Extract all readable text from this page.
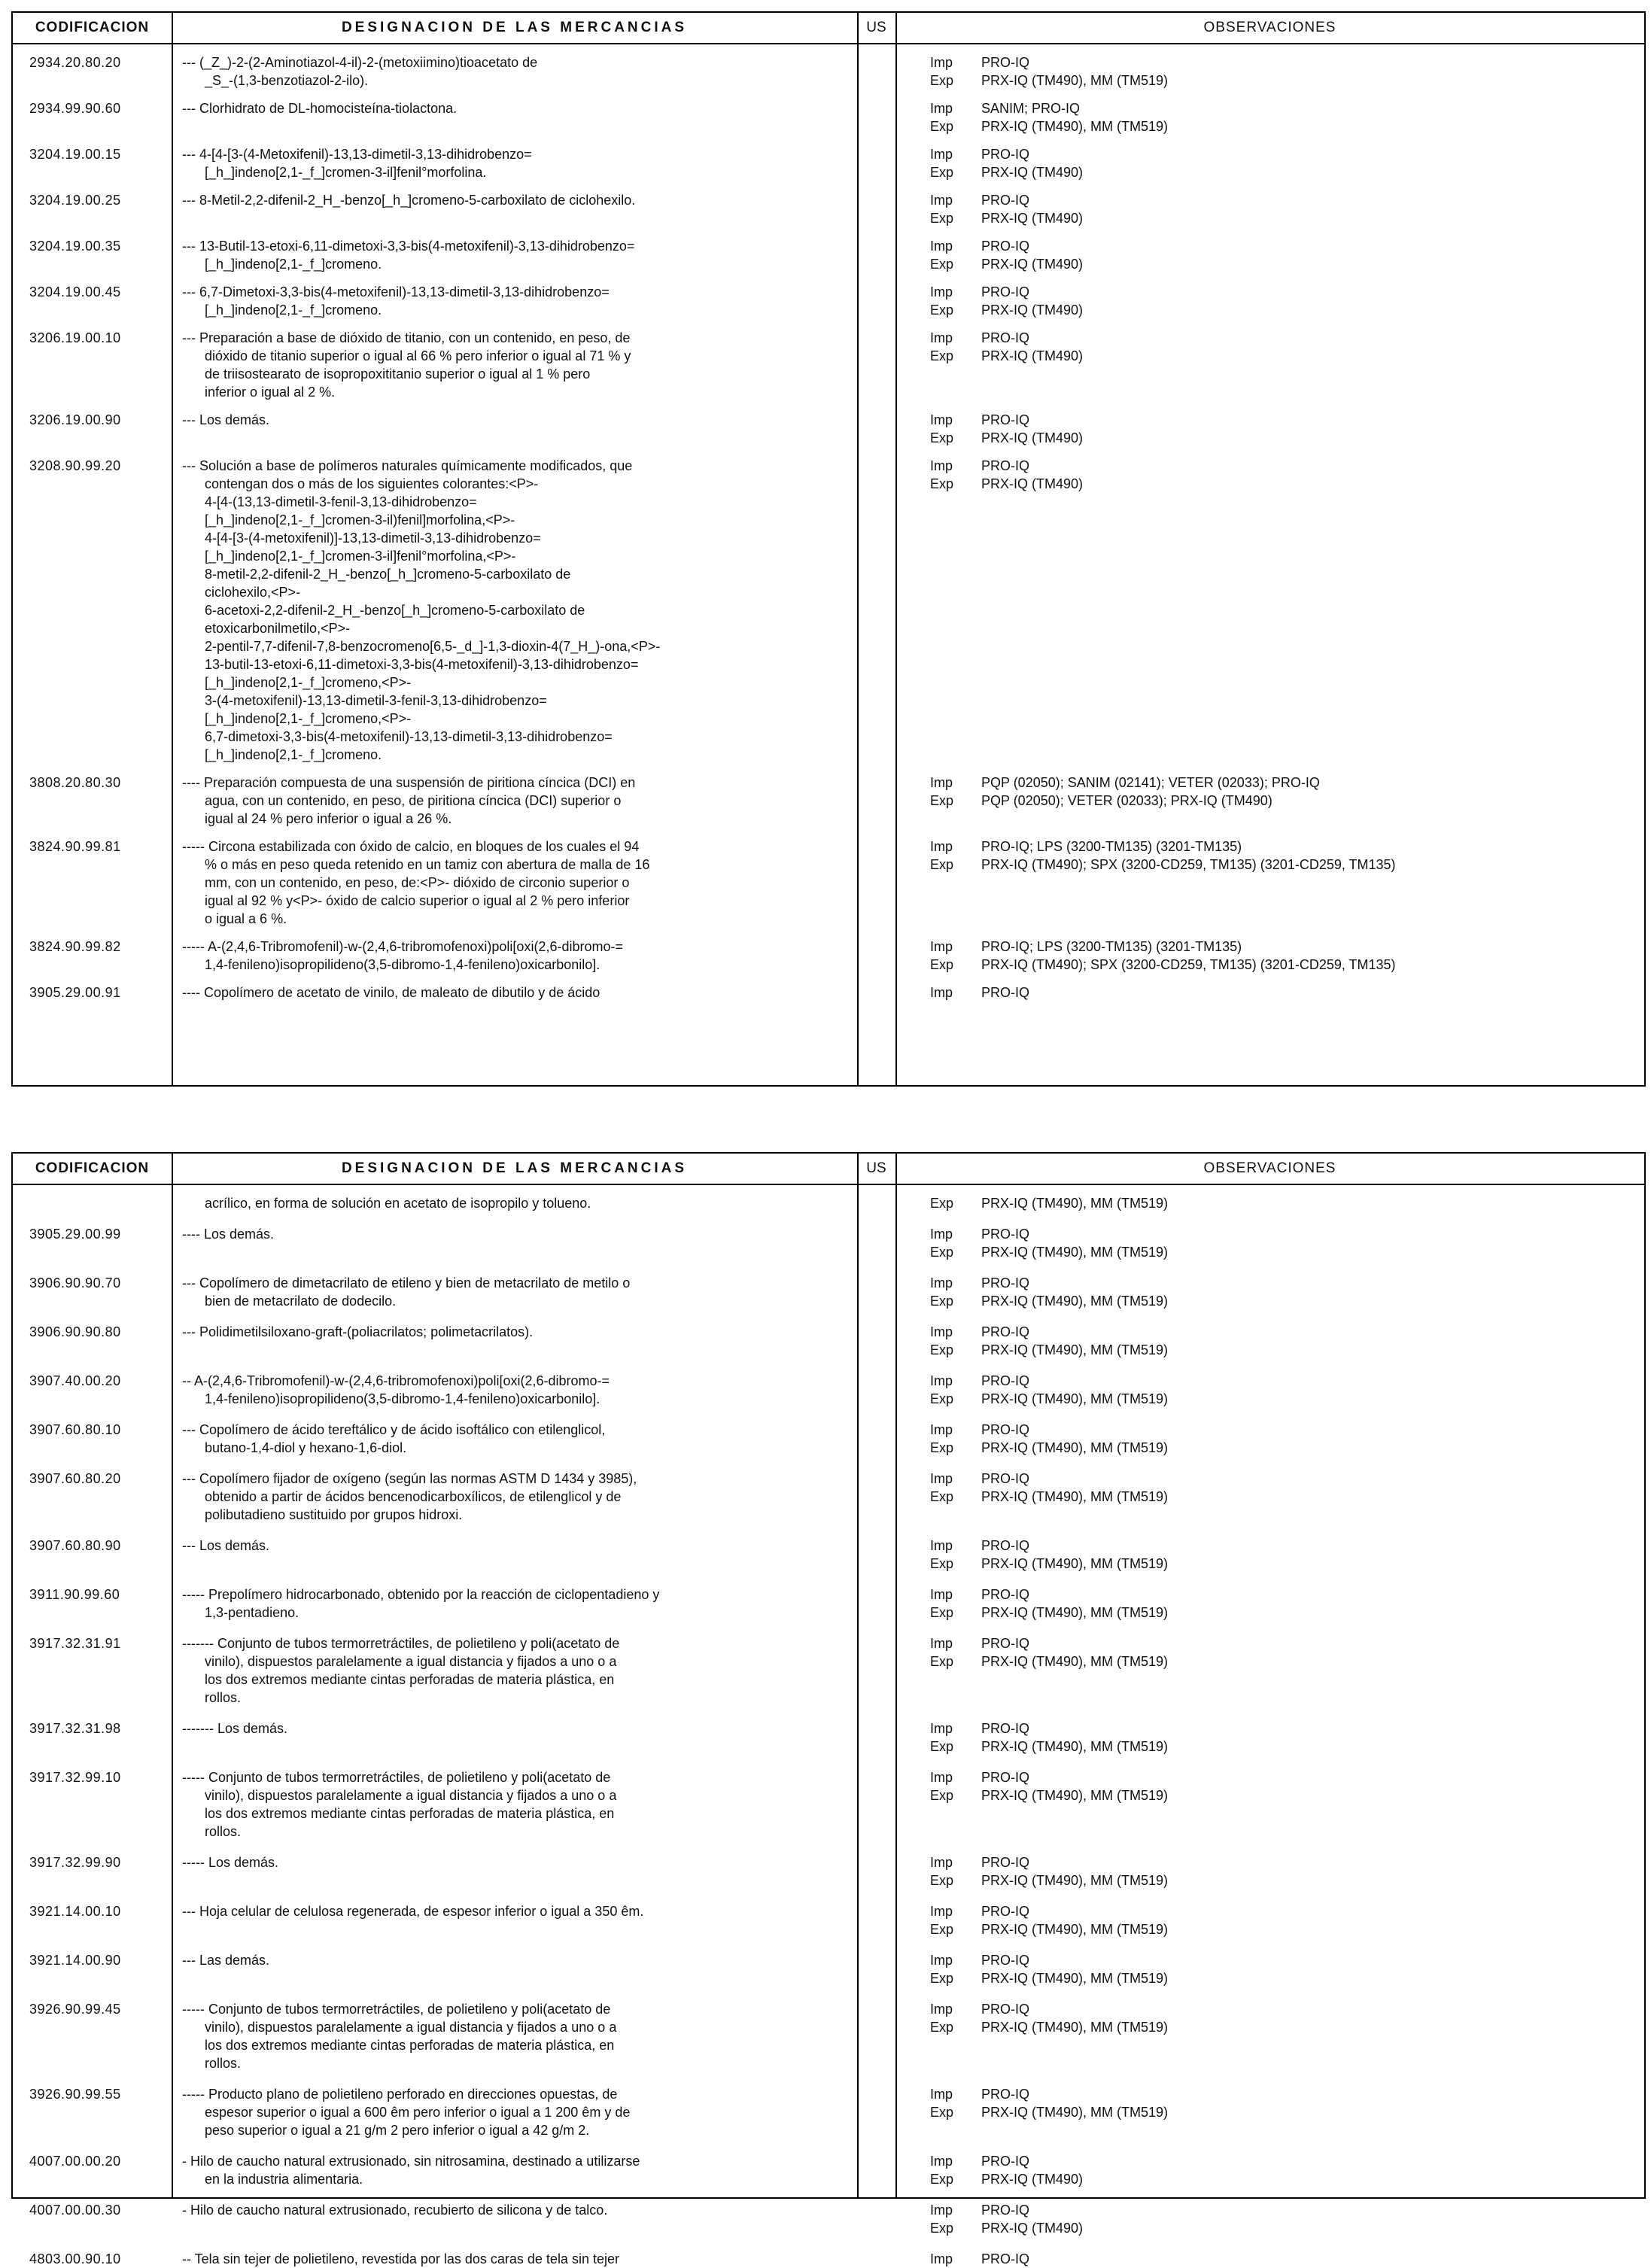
CODIFICACION	DESIGNACION DE LAS MERCANCIAS	US	OBSERVACIONES
2934.20.80.20	--- (_Z_)-2-(2-Aminotiazol-4-il)-2-(metoxiimino)tioacetato de
_S_-(1,3-benzotiazol-2-ilo).
Imp	PRO-IQ
Exp	PRX-IQ (TM490), MM (TM519)
2934.99.90.60	--- Clorhidrato de DL-homocisteína-tiolactona.	Imp	SANIM; PRO-IQ
Exp	PRX-IQ (TM490), MM (TM519)
3204.19.00.15	--- 4-[4-[3-(4-Metoxifenil)-13,13-dimetil-3,13-dihidrobenzo=
[_h_]indeno[2,1-_f_]cromen-3-il]fenil°morfolina.
Imp	PRO-IQ
Exp	PRX-IQ (TM490)
3204.19.00.25	--- 8-Metil-2,2-difenil-2_H_-benzo[_h_]cromeno-5-carboxilato de ciclohexilo.	Imp	PRO-IQ
Exp	PRX-IQ (TM490)
3204.19.00.35	--- 13-Butil-13-etoxi-6,11-dimetoxi-3,3-bis(4-metoxifenil)-3,13-dihidrobenzo=
[_h_]indeno[2,1-_f_]cromeno.
Imp	PRO-IQ
Exp	PRX-IQ (TM490)
3204.19.00.45	--- 6,7-Dimetoxi-3,3-bis(4-metoxifenil)-13,13-dimetil-3,13-dihidrobenzo=
[_h_]indeno[2,1-_f_]cromeno.
Imp	PRO-IQ
Exp	PRX-IQ (TM490)
3206.19.00.10	--- Preparación a base de dióxido de titanio, con un contenido, en peso, de
dióxido de titanio superior o igual al 66 % pero inferior o igual al 71 % y
de triisostearato de isopropoxititanio superior o igual al 1 % pero
inferior o igual al 2 %.
Imp	PRO-IQ
Exp	PRX-IQ (TM490)
3206.19.00.90	--- Los demás.	Imp	PRO-IQ
Exp	PRX-IQ (TM490)
3208.90.99.20	--- Solución a base de polímeros naturales químicamente modificados, que
contengan dos o más de los siguientes colorantes:<P>-
4-[4-(13,13-dimetil-3-fenil-3,13-dihidrobenzo=
[_h_]indeno[2,1-_f_]cromen-3-il)fenil]morfolina,<P>-
4-[4-[3-(4-metoxifenil)]-13,13-dimetil-3,13-dihidrobenzo=
[_h_]indeno[2,1-_f_]cromen-3-il]fenil°morfolina,<P>-
8-metil-2,2-difenil-2_H_-benzo[_h_]cromeno-5-carboxilato de
ciclohexilo,<P>-
6-acetoxi-2,2-difenil-2_H_-benzo[_h_]cromeno-5-carboxilato de
etoxicarbonilmetilo,<P>-
2-pentil-7,7-difenil-7,8-benzocromeno[6,5-_d_]-1,3-dioxin-4(7_H_)-ona,<P>-
13-butil-13-etoxi-6,11-dimetoxi-3,3-bis(4-metoxifenil)-3,13-dihidrobenzo=
[_h_]indeno[2,1-_f_]cromeno,<P>-
3-(4-metoxifenil)-13,13-dimetil-3-fenil-3,13-dihidrobenzo=
[_h_]indeno[2,1-_f_]cromeno,<P>-
6,7-dimetoxi-3,3-bis(4-metoxifenil)-13,13-dimetil-3,13-dihidrobenzo=
[_h_]indeno[2,1-_f_]cromeno.
Imp	PRO-IQ
Exp	PRX-IQ (TM490)
3808.20.80.30	---- Preparación compuesta de una suspensión de piritiona cíncica (DCI) en
agua, con un contenido, en peso, de piritiona cíncica (DCI) superior o
igual al 24 % pero inferior o igual a 26 %.
Imp	PQP (02050); SANIM (02141); VETER (02033); PRO-IQ
Exp	PQP (02050); VETER (02033); PRX-IQ (TM490)
3824.90.99.81	----- Circona estabilizada con óxido de calcio, en bloques de los cuales el 94
% o más en peso queda retenido en un tamiz con abertura de malla de 16
mm, con un contenido, en peso, de:<P>- dióxido de circonio superior o
igual al 92 % y<P>- óxido de calcio superior o igual al 2 % pero inferior
o igual a 6 %.
Imp	PRO-IQ; LPS (3200-TM135) (3201-TM135)
Exp	PRX-IQ (TM490); SPX (3200-CD259, TM135) (3201-CD259, TM135)
3824.90.99.82	----- A-(2,4,6-Tribromofenil)-w-(2,4,6-tribromofenoxi)poli[oxi(2,6-dibromo-=
1,4-fenileno)isopropilideno(3,5-dibromo-1,4-fenileno)oxicarbonilo].
Imp	PRO-IQ; LPS (3200-TM135) (3201-TM135)
Exp	PRX-IQ (TM490); SPX (3200-CD259, TM135) (3201-CD259, TM135)
3905.29.00.91	---- Copolímero de acetato de vinilo, de maleato de dibutilo y de ácido	Imp	PRO-IQ
CODIFICACION	DESIGNACION DE LAS MERCANCIAS	US	OBSERVACIONES
acrílico, en forma de solución en acetato de isopropilo y tolueno.	Exp	PRX-IQ (TM490), MM (TM519)
3905.29.00.99	---- Los demás.	Imp	PRO-IQ
Exp	PRX-IQ (TM490), MM (TM519)
3906.90.90.70	--- Copolímero de dimetacrilato de etileno y bien de metacrilato de metilo o
bien de metacrilato de dodecilo.
Imp	PRO-IQ
Exp	PRX-IQ (TM490), MM (TM519)
3906.90.90.80	--- Polidimetilsiloxano-graft-(poliacrilatos; polimetacrilatos).	Imp	PRO-IQ
Exp	PRX-IQ (TM490), MM (TM519)
3907.40.00.20	-- A-(2,4,6-Tribromofenil)-w-(2,4,6-tribromofenoxi)poli[oxi(2,6-dibromo-=
1,4-fenileno)isopropilideno(3,5-dibromo-1,4-fenileno)oxicarbonilo].
Imp	PRO-IQ
Exp	PRX-IQ (TM490), MM (TM519)
3907.60.80.10	--- Copolímero de ácido tereftálico y de ácido isoftálico con etilenglicol,
butano-1,4-diol y hexano-1,6-diol.
Imp	PRO-IQ
Exp	PRX-IQ (TM490), MM (TM519)
3907.60.80.20	--- Copolímero fijador de oxígeno (según las normas ASTM D 1434 y 3985),
obtenido a partir de ácidos bencenodicarboxílicos, de etilenglicol y de
polibutadieno sustituido por grupos hidroxi.
Imp	PRO-IQ
Exp	PRX-IQ (TM490), MM (TM519)
3907.60.80.90	--- Los demás.	Imp	PRO-IQ
Exp	PRX-IQ (TM490), MM (TM519)
3911.90.99.60	----- Prepolímero hidrocarbonado, obtenido por la reacción de ciclopentadieno y
1,3-pentadieno.
Imp	PRO-IQ
Exp	PRX-IQ (TM490), MM (TM519)
3917.32.31.91	------- Conjunto de tubos termorretráctiles, de polietileno y poli(acetato de
vinilo), dispuestos paralelamente a igual distancia y fijados a uno o a
los dos extremos mediante cintas perforadas de materia plástica, en
rollos.
Imp	PRO-IQ
Exp	PRX-IQ (TM490), MM (TM519)
3917.32.31.98	------- Los demás.	Imp	PRO-IQ
Exp	PRX-IQ (TM490), MM (TM519)
3917.32.99.10	----- Conjunto de tubos termorretráctiles, de polietileno y poli(acetato de
vinilo), dispuestos paralelamente a igual distancia y fijados a uno o a
los dos extremos mediante cintas perforadas de materia plástica, en
rollos.
Imp	PRO-IQ
Exp	PRX-IQ (TM490), MM (TM519)
3917.32.99.90	----- Los demás.	Imp	PRO-IQ
Exp	PRX-IQ (TM490), MM (TM519)
3921.14.00.10	--- Hoja celular de celulosa regenerada, de espesor inferior o igual a 350 êm.	Imp	PRO-IQ
Exp	PRX-IQ (TM490), MM (TM519)
3921.14.00.90	--- Las demás.	Imp	PRO-IQ
Exp	PRX-IQ (TM490), MM (TM519)
3926.90.99.45	----- Conjunto de tubos termorretráctiles, de polietileno y poli(acetato de
vinilo), dispuestos paralelamente a igual distancia y fijados a uno o a
los dos extremos mediante cintas perforadas de materia plástica, en
rollos.
Imp	PRO-IQ
Exp	PRX-IQ (TM490), MM (TM519)
3926.90.99.55	----- Producto plano de polietileno perforado en direcciones opuestas, de
espesor superior o igual a 600 êm pero inferior o igual a 1 200 êm y de
peso superior o igual a 21 g/m 2 pero inferior o igual a 42 g/m 2.
Imp	PRO-IQ
Exp	PRX-IQ (TM490), MM (TM519)
4007.00.00.20	- Hilo de caucho natural extrusionado, sin nitrosamina, destinado a utilizarse
en la industria alimentaria.
Imp	PRO-IQ
Exp	PRX-IQ (TM490)
4007.00.00.30	- Hilo de caucho natural extrusionado, recubierto de silicona y de talco.	Imp	PRO-IQ
Exp	PRX-IQ (TM490)
4803.00.90.10	-- Tela sin tejer de polietileno, revestida por las dos caras de tela sin tejer	Imp	PRO-IQ
